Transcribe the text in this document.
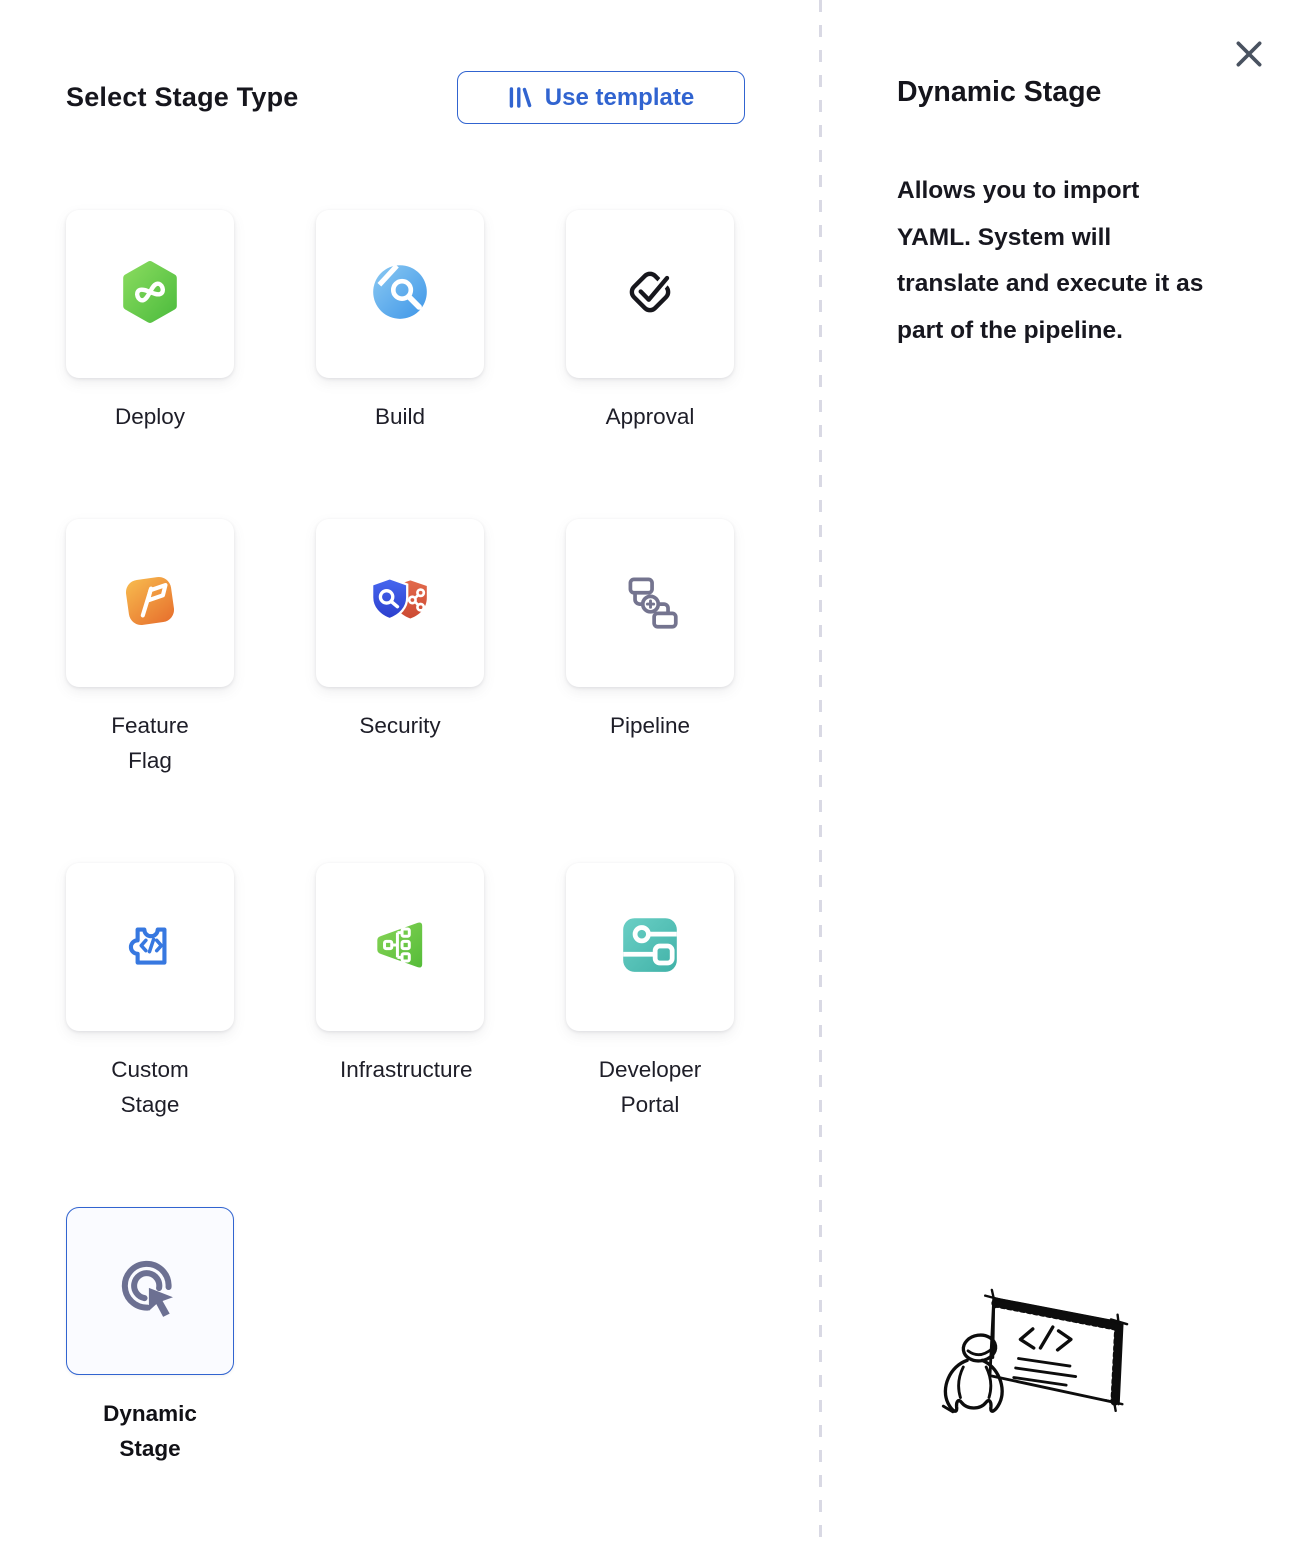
Select Stage Type	Use template
Deploy	Build	Approval
Feature Flag
Security	Pipeline
Custom Stage
Infrastructure	Developer Portal
Dynamic Stage
Dynamic Stage
Allows you to import YAML. System will translate and execute it as part of the pipeline.
